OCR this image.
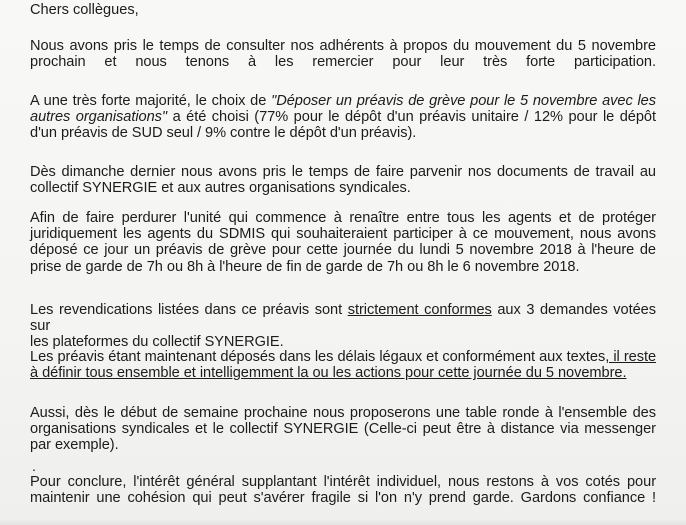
Chers collègues,

Nous avons pris le temps de consulter nos adhérents à propos du mouvement du 5 novembre
prochain et nous tenons à les remercier pour leur très forte participation.

A une très forte majorité, le choix de "Déposer un préavis de grève pour le 5 novembre avec les
autres organisations" a été choisi (77% pour le dépôt d'un préavis unitaire / 12% pour le dépôt
d'un préavis de SUD seul / 9% contre le dépôt d'un préavis).

Dès dimanche dernier nous avons pris le temps de faire parvenir nos documents de travail au
collectif SYNERGIE et aux autres organisations syndicales.

Afin de faire perdurer l'unité qui commence à renaître entre tous les agents et de protéger
juridiquement les agents du SDMIS qui souhaiteraient participer à ce mouvement, nous avons
déposé ce jour un préavis de grève pour cette journée du lundi 5 novembre 2018 à l'heure de
prise de garde de 7h ou 8h à l'heure de fin de garde de 7h ou 8h le 6 novembre 2018.

Les revendications listées dans ce préavis sont strictement conformes aux 3 demandes votées sur
les plateformes du collectif SYNERGIE.

Les préavis étant maintenant déposés dans les délais légaux et conformément aux textes, il reste
à définir tous ensemble et intelligemment la ou les actions pour cette journée du 5 novembre.

Aussi, dès le début de semaine prochaine nous proposerons une table ronde à l'ensemble des
organisations syndicales et le collectif SYNERGIE (Celle-ci peut être à distance via messenger
par exemple).

.

Pour conclure, l'intérêt général supplantant l'intérêt individuel, nous restons à vos cotés pour
maintenir une cohésion qui peut s'avérer fragile si l'on n'y prend garde. Gardons confiance !
